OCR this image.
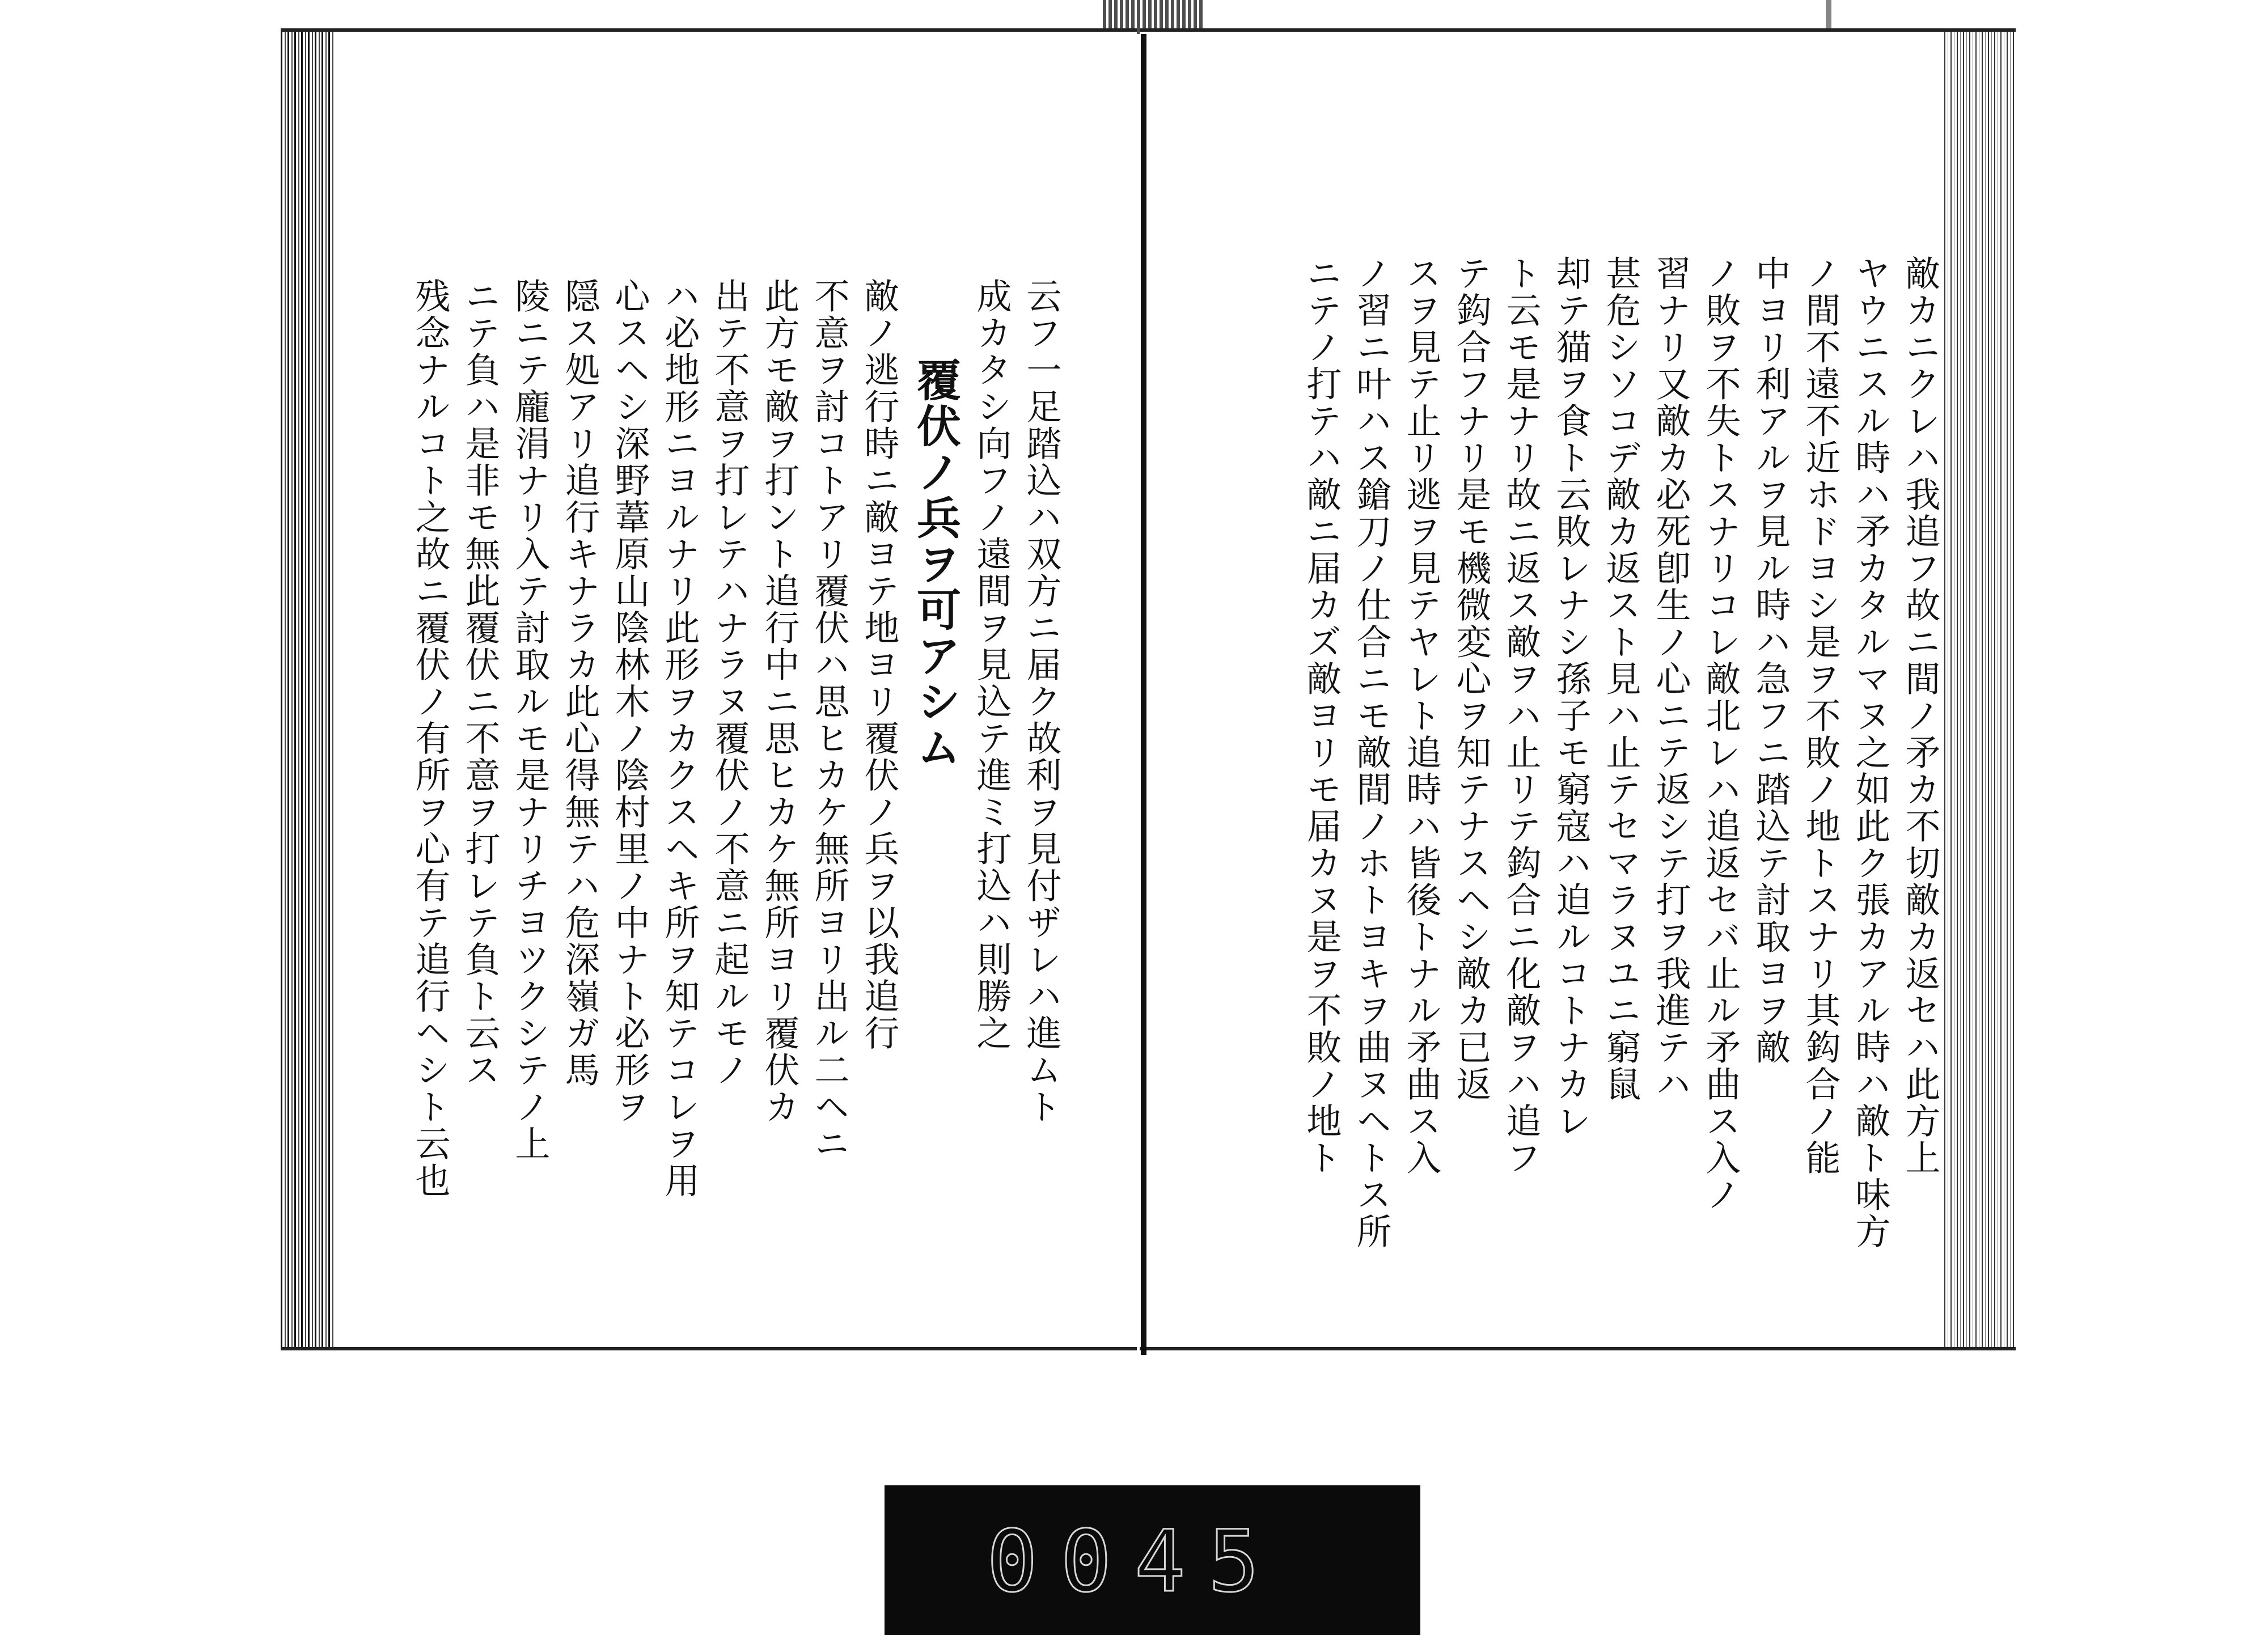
敵カニクレハ我追フ故ニ間ノ矛カ不切敵カ返セハ此方上
ヤウニスル時ハ矛カタルマヌ之如此ク張カアル時ハ敵ト味方
ノ間不遠不近ホドヨシ是ヲ不敗ノ地トスナリ其鈎合ノ能
中ヨリ利アルヲ見ル時ハ急フニ踏込テ討取ヨヲ敵
ノ敗ヲ不失トスナリコレ敵北レハ追返セバ止ル矛曲ス入ノ
習ナリ又敵カ必死卽生ノ心ニテ返シテ打ヲ我進テハ
甚危シソコデ敵カ返スト見ハ止テセマラヌユニ窮鼠
却テ猫ヲ食ト云敗レナシ孫子モ窮寇ハ迫ルコトナカレ
ト云モ是ナリ故ニ返ス敵ヲハ止リテ鈎合ニ化敵ヲハ追フ
テ鈎合フナリ是モ機微変心ヲ知テナスヘシ敵カ已返
スヲ見テ止リ逃ヲ見テヤレト追時ハ皆後トナル矛曲ス入
ノ習ニ叶ハス鎗刀ノ仕合ニモ敵間ノホトヨキヲ曲ヌヘトス所
ニテノ打テハ敵ニ届カズ敵ヨリモ届カヌ是ヲ不敗ノ地ト
云フ一足踏込ハ双方ニ届ク故利ヲ見付ザレハ進ムト
成カタシ向フノ遠間ヲ見込テ進ミ打込ハ則勝之
覆伏ノ兵ヲ可アシム
敵ノ逃行時ニ敵ヨテ地ヨリ覆伏ノ兵ヲ以我追行
不意ヲ討コトアリ覆伏ハ思ヒカケ無所ヨリ出ル二ヘニ
此方モ敵ヲ打ント追行中ニ思ヒカケ無所ヨリ覆伏カ
出テ不意ヲ打レテハナラヌ覆伏ノ不意ニ起ルモノ
ハ必地形ニヨルナリ此形ヲカクスヘキ所ヲ知テコレヲ用
心スヘシ深野葦原山陰林木ノ陰村里ノ中ナト必形ヲ
隠ス処アリ追行キナラカ此心得無テハ危深嶺ガ馬
陵ニテ龐涓ナリ入テ討取ルモ是ナリチヨツクシテノ上
ニテ負ハ是非モ無此覆伏ニ不意ヲ打レテ負ト云ス
残念ナルコト之故ニ覆伏ノ有所ヲ心有テ追行ヘシト云也
0045
